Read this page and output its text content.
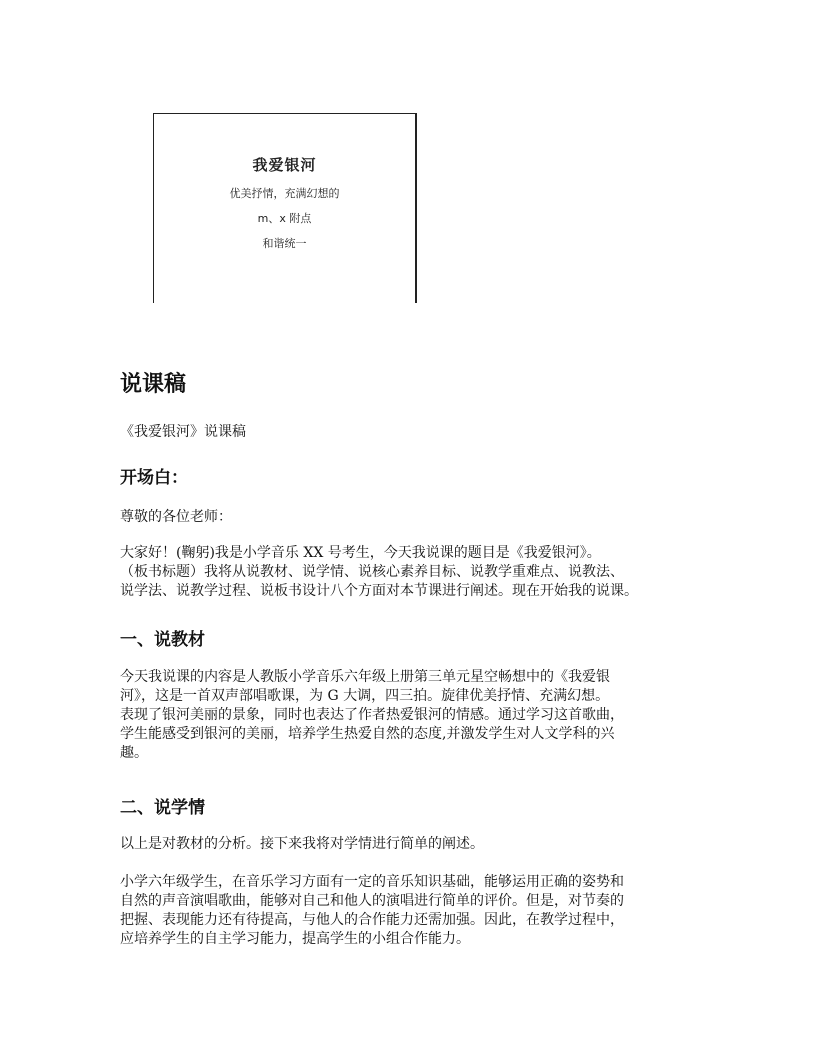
我爱银河
优美抒情，充满幻想的
m、x 附点
和谐统一
说课稿

《我爱银河》说课稿

开场白：

尊敬的各位老师：

大家好！(鞠躬)我是小学音乐 XX 号考生，今天我说课的题目是《我爱银河》。
（板书标题）我将从说教材、说学情、说核心素养目标、说教学重难点、说教法、
说学法、说教学过程、说板书设计八个方面对本节课进行阐述。现在开始我的说课。

一、说教材

今天我说课的内容是人教版小学音乐六年级上册第三单元星空畅想中的《我爱银
河》，这是一首双声部唱歌课，为 G 大调，四三拍。旋律优美抒情、充满幻想。
表现了银河美丽的景象，同时也表达了作者热爱银河的情感。通过学习这首歌曲，
学生能感受到银河的美丽，培养学生热爱自然的态度,并激发学生对人文学科的兴
趣。

二、说学情

以上是对教材的分析。接下来我将对学情进行简单的阐述。

小学六年级学生，在音乐学习方面有一定的音乐知识基础，能够运用正确的姿势和
自然的声音演唱歌曲，能够对自己和他人的演唱进行简单的评价。但是，对节奏的
把握、表现能力还有待提高，与他人的合作能力还需加强。因此，在教学过程中，
应培养学生的自主学习能力，提高学生的小组合作能力。
